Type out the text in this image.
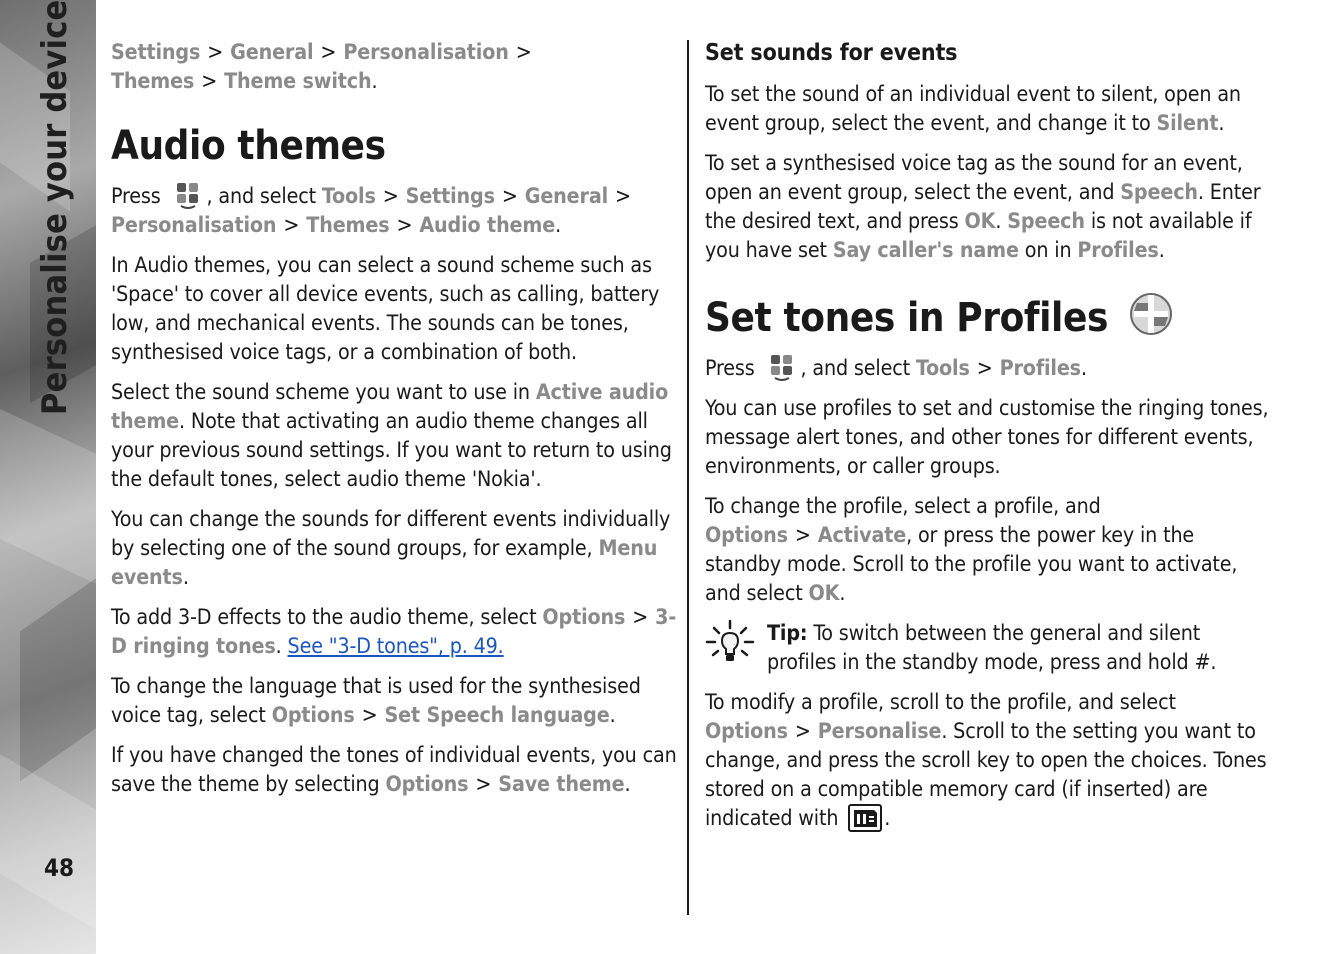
Personalise your device
48

Settings > General > Personalisation >
Themes > Theme switch.

Audio themes

Press , and select Tools > Settings > General >
Personalisation > Themes > Audio theme.

In Audio themes, you can select a sound scheme such as 'Space' to cover all device events, such as calling, battery low, and mechanical events. The sounds can be tones, synthesised voice tags, or a combination of both.

Select the sound scheme you want to use in Active audio theme. Note that activating an audio theme changes all your previous sound settings. If you want to return to using the default tones, select audio theme 'Nokia'.

You can change the sounds for different events individually by selecting one of the sound groups, for example, Menu events.

To add 3-D effects to the audio theme, select Options > 3-D ringing tones. See "3-D tones", p. 49.

To change the language that is used for the synthesised voice tag, select Options > Set Speech language.

If you have changed the tones of individual events, you can save the theme by selecting Options > Save theme.

Set sounds for events

To set the sound of an individual event to silent, open an event group, select the event, and change it to Silent.

To set a synthesised voice tag as the sound for an event, open an event group, select the event, and Speech. Enter the desired text, and press OK. Speech is not available if you have set Say caller's name on in Profiles.

Set tones in Profiles

Press , and select Tools > Profiles.

You can use profiles to set and customise the ringing tones, message alert tones, and other tones for different events, environments, or caller groups.

To change the profile, select a profile, and Options > Activate, or press the power key in the standby mode. Scroll to the profile you want to activate, and select OK.

Tip: To switch between the general and silent profiles in the standby mode, press and hold #.

To modify a profile, scroll to the profile, and select Options > Personalise. Scroll to the setting you want to change, and press the scroll key to open the choices. Tones stored on a compatible memory card (if inserted) are indicated with .
